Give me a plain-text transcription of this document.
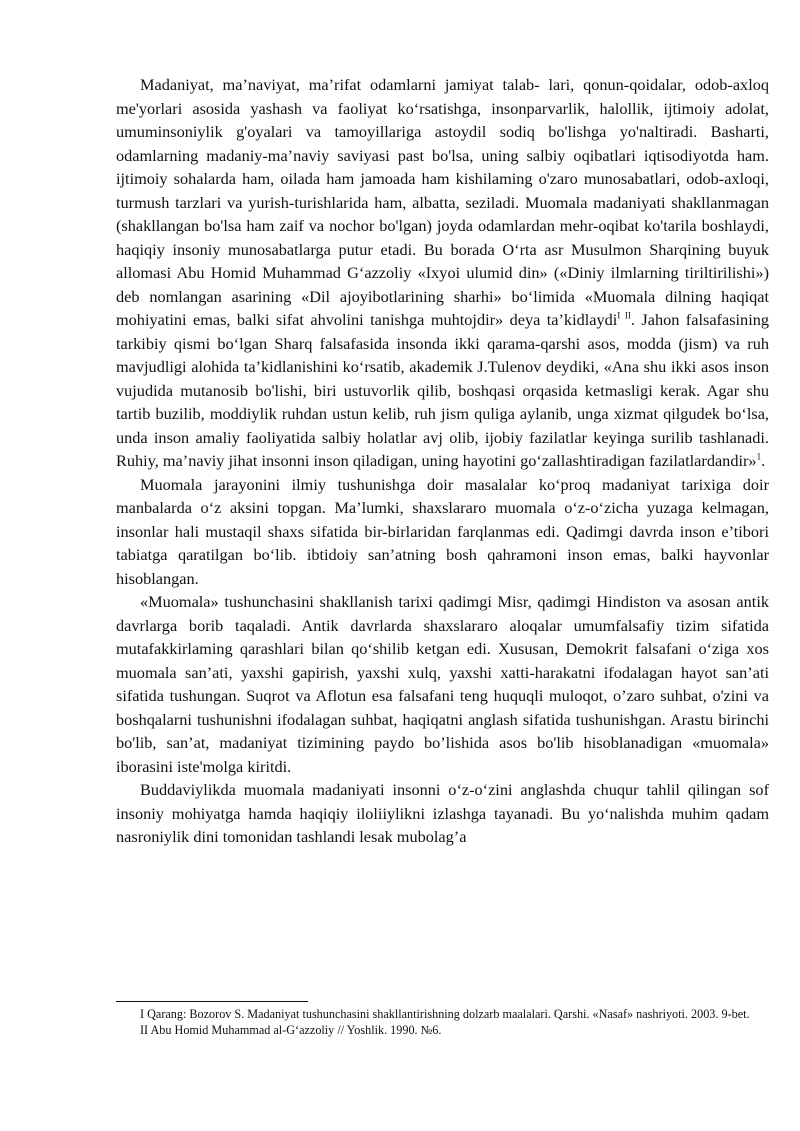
Madaniyat, ma’naviyat, ma’rifat odamlarni jamiyat talab- lari, qonun-qoidalar, odob-axloq me'yorlari asosida yashash va faoliyat ko‘rsatishga, insonparvarlik, halollik, ijtimoiy adolat, umuminsoniylik g'oyalari va tamoyillariga astoydil sodiq bo'lishga yo'naltiradi. Basharti, odamlarning madaniy-ma’naviy saviyasi past bo'lsa, uning salbiy oqibatlari iqtisodiyotda ham. ijtimoiy sohalarda ham, oilada ham jamoada ham kishilaming o'zaro munosabatlari, odob-axloqi, turmush tarzlari va yurish-turishlarida ham, albatta, seziladi. Muomala madaniyati shakllanmagan (shakllangan bo'lsa ham zaif va nochor bo'lgan) joyda odamlardan mehr-oqibat ko'tarila boshlaydi, haqiqiy insoniy munosabatlarga putur etadi. Bu borada O‘rta asr Musulmon Sharqining buyuk allomasi Abu Homid Muhammad G‘azzoliy «Ixyoi ulumid din» («Diniy ilmlarning tiriltirilishi») deb nomlangan asarining «Dil ajoyibotlarining sharhi» bo‘limida «Muomala dilning haqiqat mohiyatini emas, balki sifat ahvolini tanishga muhtojdir» deya ta’kidlaydi$^{I II}$. Jahon falsafasining tarkibiy qismi bo‘lgan Sharq falsafasida insonda ikki qarama-qarshi asos, modda (jism) va ruh mavjudligi alohida ta’kidlanishini ko‘rsatib, akademik J.Tulenov deydiki, «Ana shu ikki asos inson vujudida mutanosib bo'lishi, biri ustuvorlik qilib, boshqasi orqasida ketmasligi kerak. Agar shu tartib buzilib, moddiylik ruhdan ustun kelib, ruh jism quliga aylanib, unga xizmat qilgudek bo‘lsa, unda inson amaliy faoliyatida salbiy holatlar avj olib, ijobiy fazilatlar keyinga surilib tashlanadi. Ruhiy, ma’naviy jihat insonni inson qiladigan, uning hayotini go‘zallashtiradigan fazilatlardandir»$^1$.

Muomala jarayonini ilmiy tushunishga doir masalalar ko‘proq madaniyat tarixiga doir manbalarda o‘z aksini topgan. Ma’lumki, shaxslararo muomala o‘z-o‘zicha yuzaga kelmagan, insonlar hali mustaqil shaxs sifatida bir-birlaridan farqlanmas edi. Qadimgi davrda inson e’tibori tabiatga qaratilgan bo‘lib. ibtidoiy san’atning bosh qahramoni inson emas, balki hayvonlar hisoblangan.

«Muomala» tushunchasini shakllanish tarixi qadimgi Misr, qadimgi Hindiston va asosan antik davrlarga borib taqaladi. Antik davrlarda shaxslararo aloqalar umumfalsafiy tizim sifatida mutafakkirlaming qarashlari bilan qo‘shilib ketgan edi. Xususan, Demokrit falsafani o‘ziga xos muomala san’ati, yaxshi gapirish, yaxshi xulq, yaxshi xatti-harakatni ifodalagan hayot san’ati sifatida tushungan. Suqrot va Aflotun esa falsafani teng huquqli muloqot, o’zaro suhbat, o'zini va boshqalarni tushunishni ifodalagan suhbat, haqiqatni anglash sifatida tushunishgan. Arastu birinchi bo'lib, san’at, madaniyat tizimining paydo bo’lishida asos bo'lib hisoblanadigan «muomala» iborasini iste'molga kiritdi.

Buddaviylikda muomala madaniyati insonni o‘z-o‘zini anglashda chuqur tahlil qilingan sof insoniy mohiyatga hamda haqiqiy iloliiylikni izlashga tayanadi. Bu yo‘nalishda muhim qadam nasroniylik dini tomonidan tashlandi lesak mubolag’a

I Qarang: Bozorov S. Madaniyat tushunchasini shakllantirishning dolzarb maalalari. Qarshi. «Nasaf» nashriyoti. 2003. 9-bet.

II Abu Homid Muhammad al-G‘azzoliy // Yoshlik. 1990. №6.
